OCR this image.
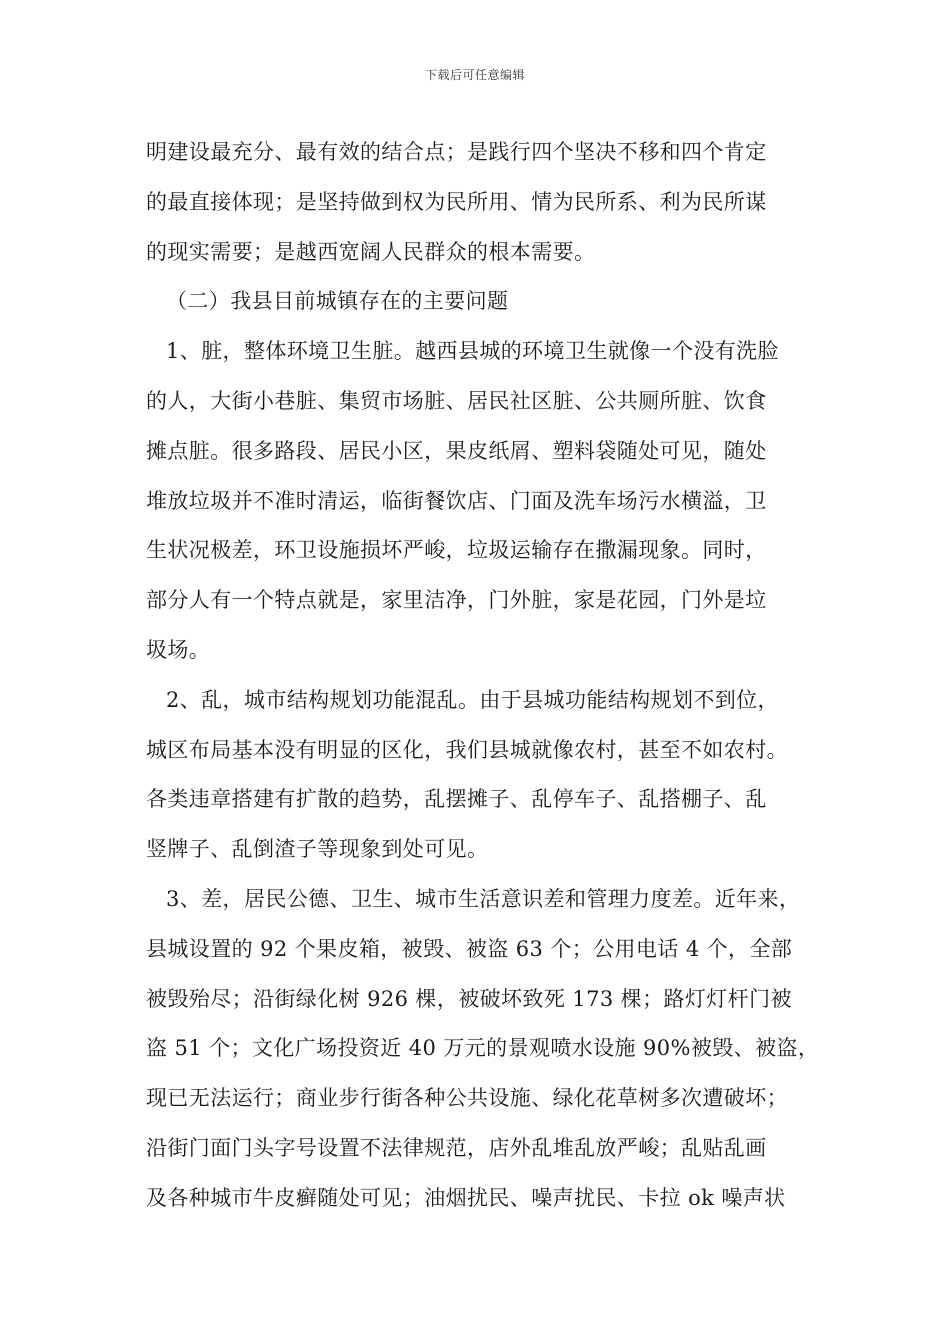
下载后可任意编辑
明建设最充分、最有效的结合点；是践行四个坚决不移和四个肯定
的最直接体现；是坚持做到权为民所用、情为民所系、利为民所谋
的现实需要；是越西宽阔人民群众的根本需要。
（二）我县目前城镇存在的主要问题
1、脏，整体环境卫生脏。越西县城的环境卫生就像一个没有洗脸
的人，大街小巷脏、集贸市场脏、居民社区脏、公共厕所脏、饮食
摊点脏。很多路段、居民小区，果皮纸屑、塑料袋随处可见，随处
堆放垃圾并不准时清运，临街餐饮店、门面及洗车场污水横溢，卫
生状况极差，环卫设施损坏严峻，垃圾运输存在撒漏现象。同时，
部分人有一个特点就是，家里洁净，门外脏，家是花园，门外是垃
圾场。
2、乱，城市结构规划功能混乱。由于县城功能结构规划不到位，
城区布局基本没有明显的区化，我们县城就像农村，甚至不如农村。
各类违章搭建有扩散的趋势，乱摆摊子、乱停车子、乱搭棚子、乱
竖牌子、乱倒渣子等现象到处可见。
3、差，居民公德、卫生、城市生活意识差和管理力度差。近年来，
县城设置的 92 个果皮箱，被毁、被盗 63 个；公用电话 4 个，全部
被毁殆尽；沿街绿化树 926 棵，被破坏致死 173 棵；路灯灯杆门被
盗 51 个；文化广场投资近 40 万元的景观喷水设施 90%被毁、被盗，
现已无法运行；商业步行街各种公共设施、绿化花草树多次遭破坏；
沿街门面门头字号设置不法律规范，店外乱堆乱放严峻；乱贴乱画
及各种城市牛皮癣随处可见；油烟扰民、噪声扰民、卡拉 ok 噪声状
